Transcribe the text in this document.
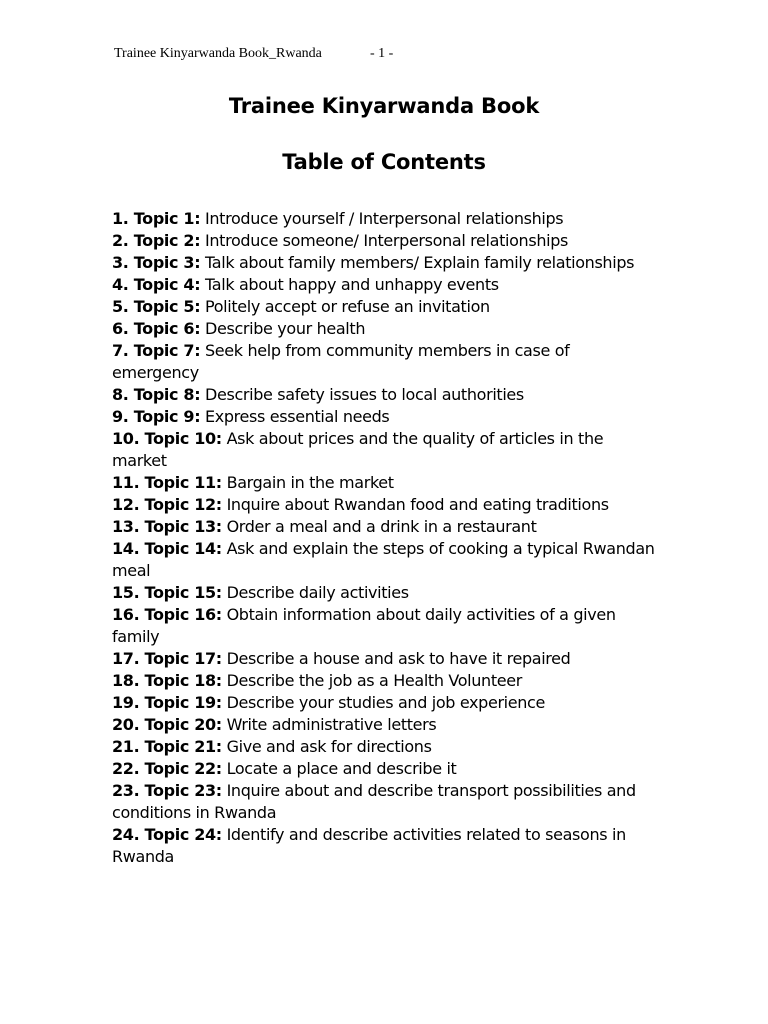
Trainee Kinyarwanda Book_Rwanda	- 1 -
Trainee Kinyarwanda Book
Table of Contents
1. Topic 1: Introduce yourself / Interpersonal relationships
2. Topic 2: Introduce someone/ Interpersonal relationships
3. Topic 3: Talk about family members/ Explain family relationships
4. Topic 4: Talk about happy and unhappy events
5. Topic 5: Politely accept or refuse an invitation
6. Topic 6: Describe your health
7. Topic 7: Seek help from community members in case of emergency
8. Topic 8: Describe safety issues to local authorities
9. Topic 9: Express essential needs
10. Topic 10: Ask about prices and the quality of articles in the market
11. Topic 11: Bargain in the market
12. Topic 12: Inquire about Rwandan food and eating traditions
13. Topic 13: Order a meal and a drink in a restaurant
14. Topic 14: Ask and explain the steps of cooking a typical Rwandan meal
15. Topic 15: Describe daily activities
16. Topic 16: Obtain information about daily activities of a given family
17. Topic 17: Describe a house and ask to have it repaired
18. Topic 18: Describe the job as a Health Volunteer
19. Topic 19: Describe your studies and job experience
20. Topic 20: Write administrative letters
21. Topic 21: Give and ask for directions
22. Topic 22: Locate a place and describe it
23. Topic 23: Inquire about and describe transport possibilities and conditions in Rwanda
24. Topic 24: Identify and describe activities related to seasons in Rwanda
